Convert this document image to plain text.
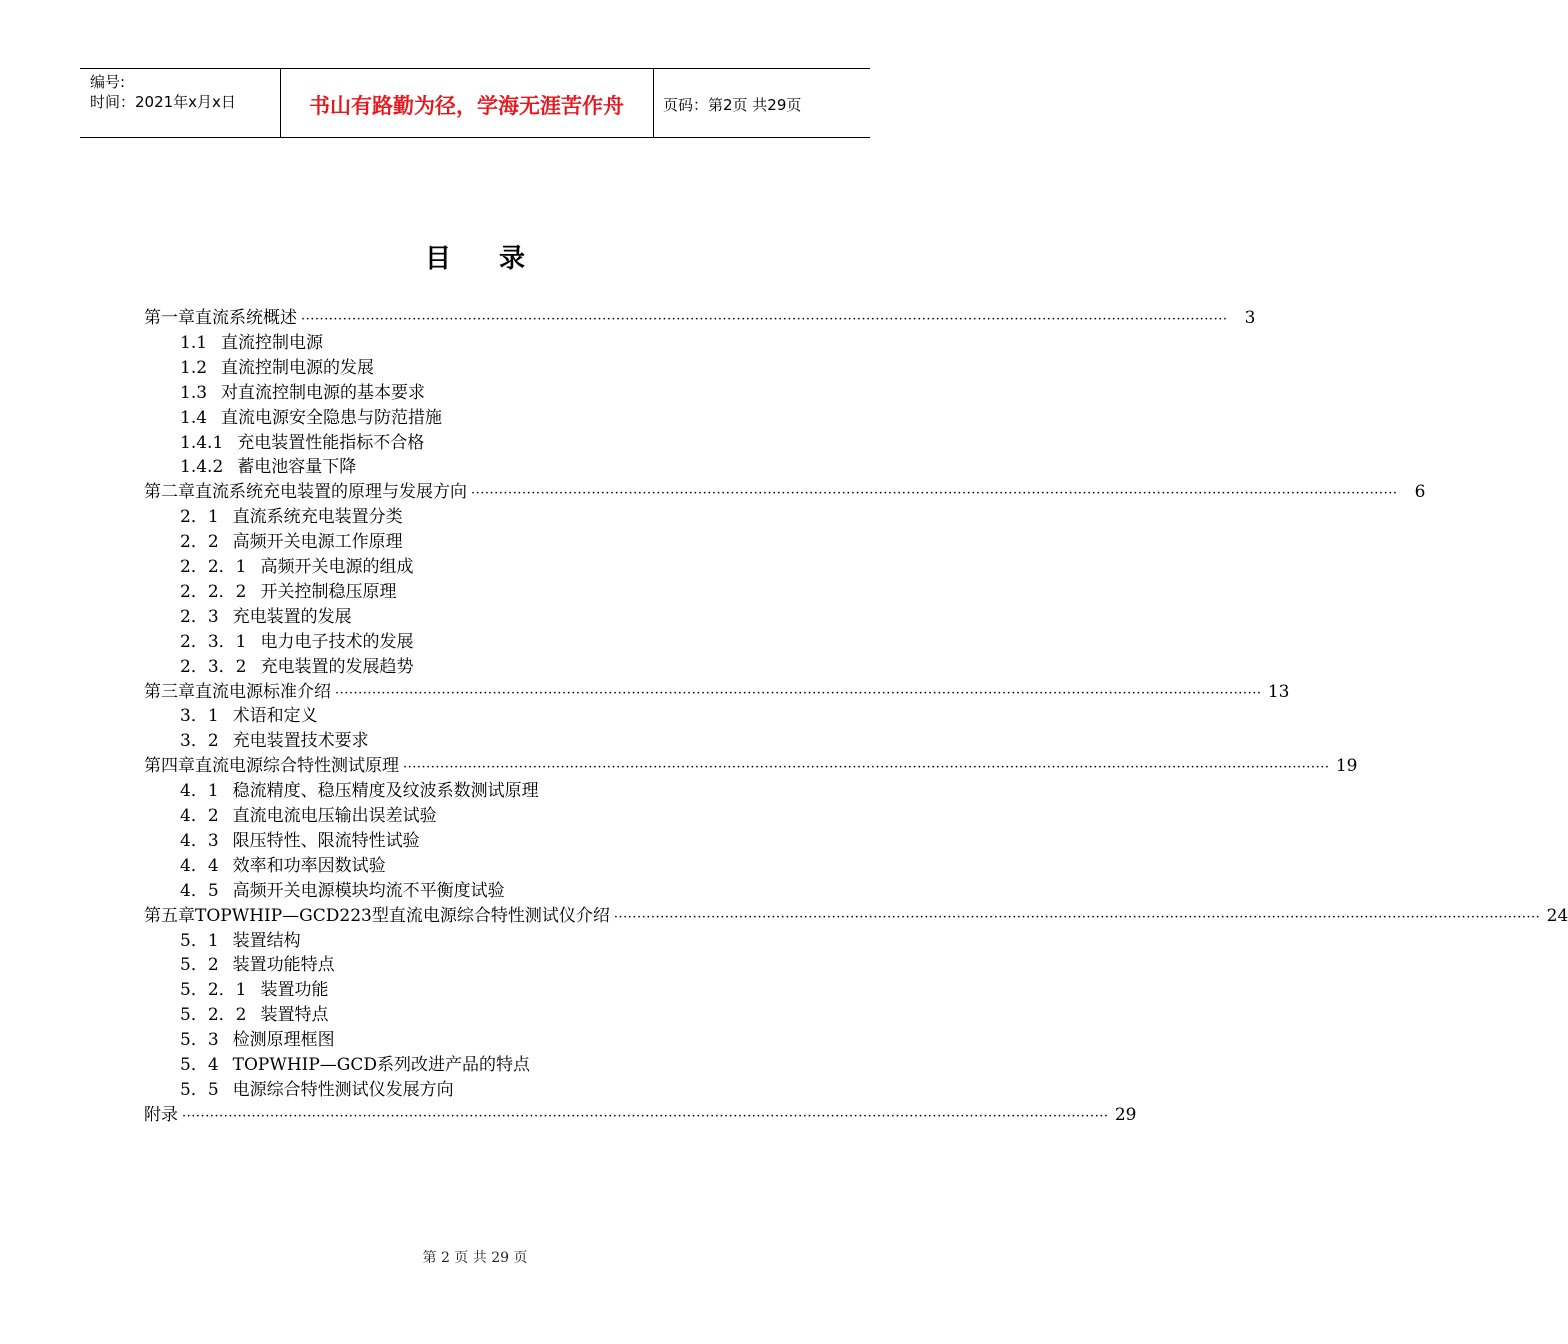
编号:
时间：2021年x月x日	书山有路勤为径，学海无涯苦作舟	页码：第2页 共29页
目录
第一章 直流系统概述 ········································································································································································································	3
1.1 直流控制电源
1.2 直流控制电源的发展
1.3 对直流控制电源的基本要求
1.4 直流电源安全隐患与防范措施
1.4.1 充电装置性能指标不合格
1.4.2 蓄电池容量下降
第二章 直流系统充电装置的原理与发展方向 ········································································································································································································	6
2．1 直流系统充电装置分类
2．2 高频开关电源工作原理
2．2．1 高频开关电源的组成
2．2．2 开关控制稳压原理
2．3 充电装置的发展
2．3．1 电力电子技术的发展
2．3．2 充电装置的发展趋势
第三章 直流电源标准介绍 ········································································································································································································ 13
3．1 术语和定义
3．2 充电装置技术要求
第四章 直流电源综合特性测试原理 ········································································································································································································ 19
4．1 稳流精度、稳压精度及纹波系数测试原理
4．2 直流电流电压输出误差试验
4．3 限压特性、限流特性试验
4．4 效率和功率因数试验
4．5 高频开关电源模块均流不平衡度试验
第五章 TOPWHIP—GCD223型直流电源综合特性测试仪介绍 ········································································································································································································ 24
5．1 装置结构
5．2 装置功能特点
5．2．1 装置功能
5．2．2 装置特点
5．3 检测原理框图
5．4 TOPWHIP—GCD系列改进产品的特点
5．5 电源综合特性测试仪发展方向
附录 ········································································································································································································ 29
第 2 页 共 29 页
